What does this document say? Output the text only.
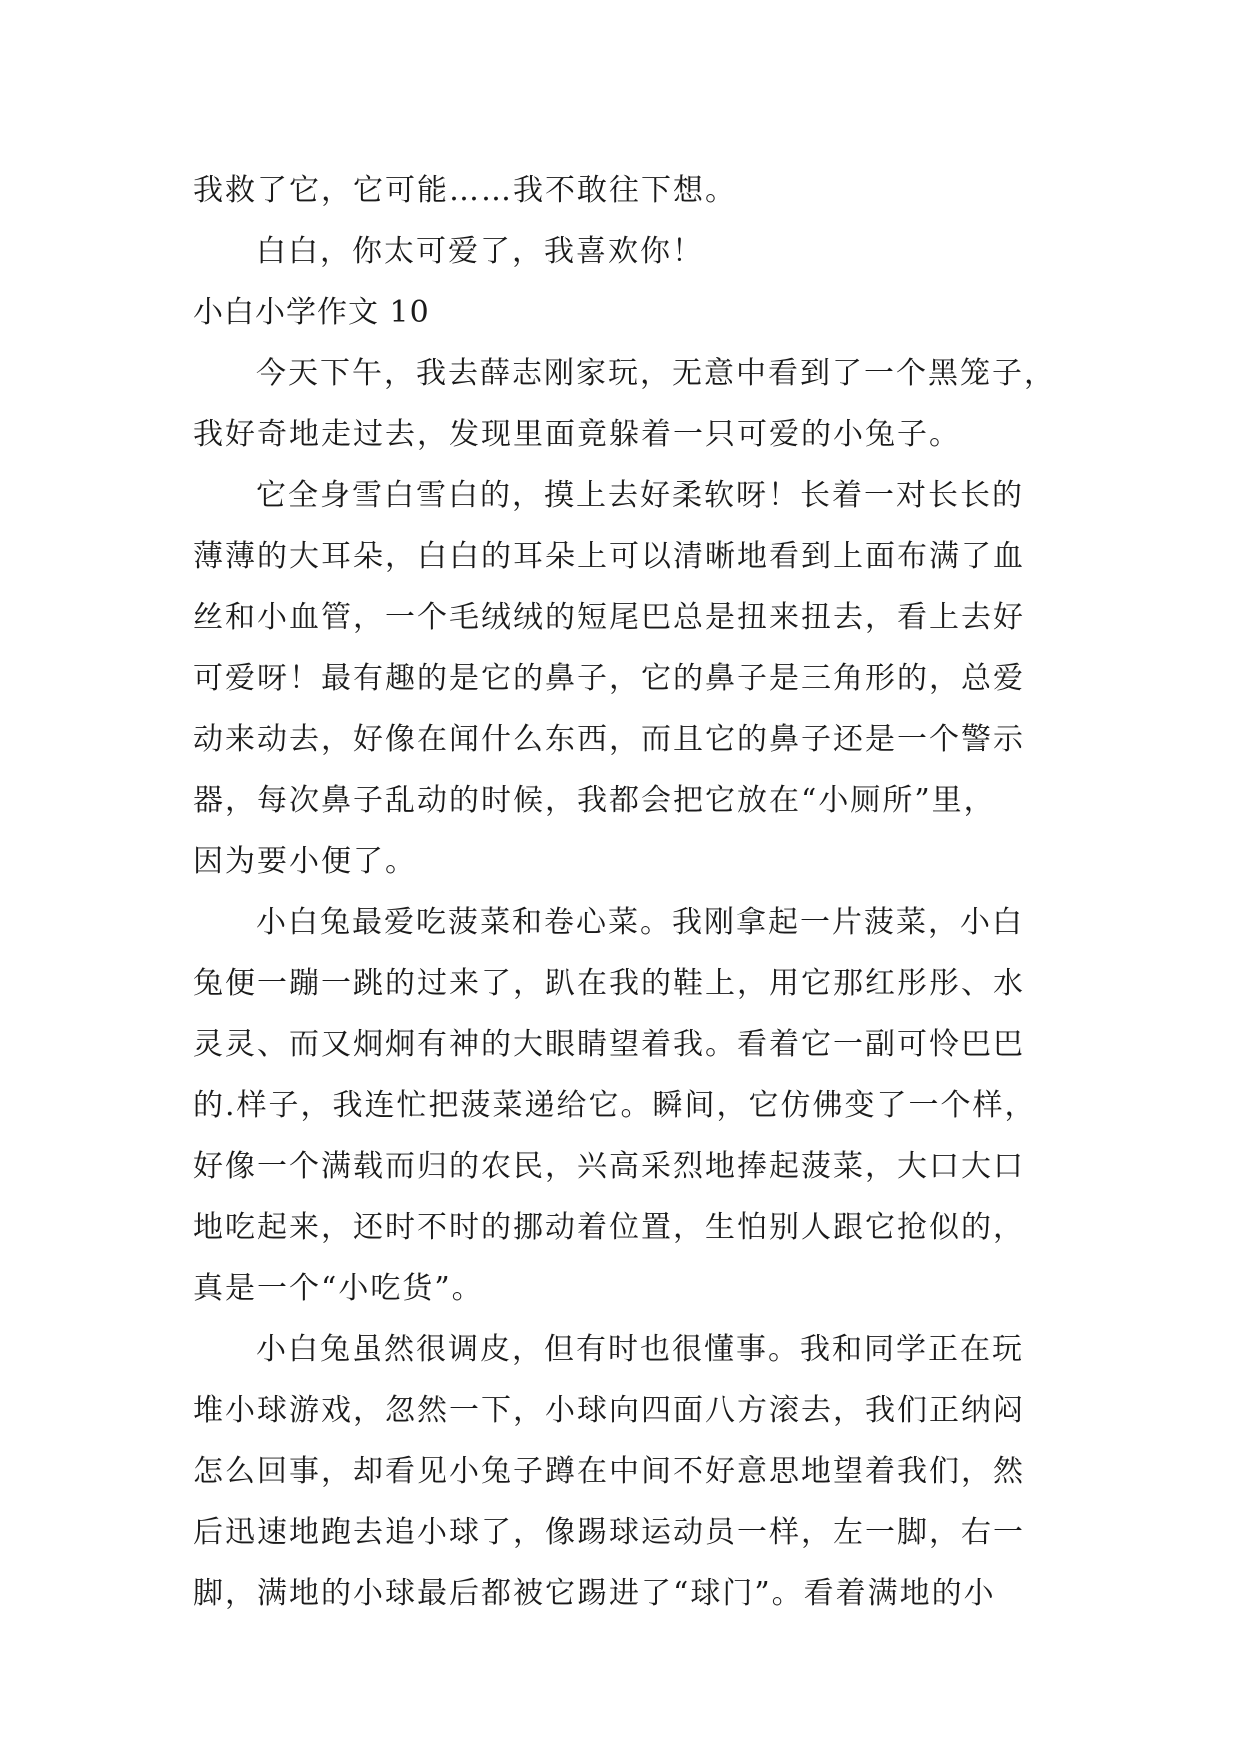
我救了它，它可能……我不敢往下想。
白白，你太可爱了，我喜欢你！
小白小学作文 10
今天下午，我去薛志刚家玩，无意中看到了一个黑笼子，
我好奇地走过去，发现里面竟躲着一只可爱的小兔子。
它全身雪白雪白的，摸上去好柔软呀！长着一对长长的
薄薄的大耳朵，白白的耳朵上可以清晰地看到上面布满了血
丝和小血管，一个毛绒绒的短尾巴总是扭来扭去，看上去好
可爱呀！最有趣的是它的鼻子，它的鼻子是三角形的，总爱
动来动去，好像在闻什么东西，而且它的鼻子还是一个警示
器，每次鼻子乱动的时候，我都会把它放在“小厕所”里，
因为要小便了。
小白兔最爱吃菠菜和卷心菜。我刚拿起一片菠菜，小白
兔便一蹦一跳的过来了，趴在我的鞋上，用它那红彤彤、水
灵灵、而又炯炯有神的大眼睛望着我。看着它一副可怜巴巴
的.样子，我连忙把菠菜递给它。瞬间，它仿佛变了一个样，
好像一个满载而归的农民，兴高采烈地捧起菠菜，大口大口
地吃起来，还时不时的挪动着位置，生怕别人跟它抢似的，
真是一个“小吃货”。
小白兔虽然很调皮，但有时也很懂事。我和同学正在玩
堆小球游戏，忽然一下，小球向四面八方滚去，我们正纳闷
怎么回事，却看见小兔子蹲在中间不好意思地望着我们，然
后迅速地跑去追小球了，像踢球运动员一样，左一脚，右一
脚，满地的小球最后都被它踢进了“球门”。看着满地的小
